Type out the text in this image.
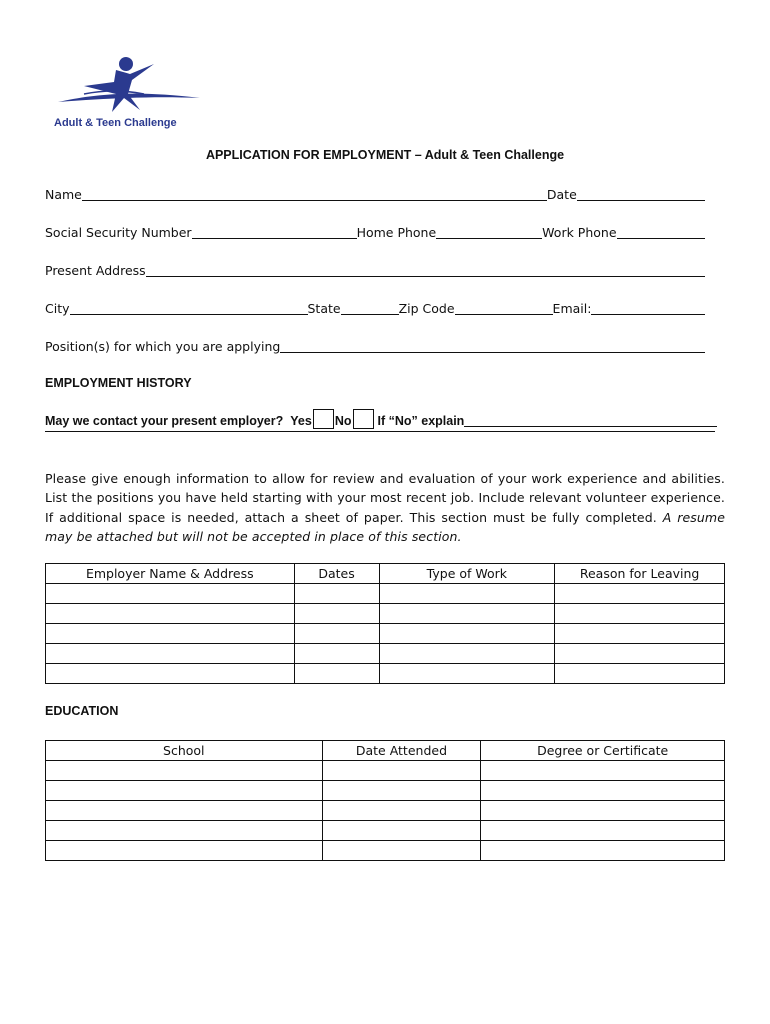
Adult & Teen Challenge
APPLICATION FOR EMPLOYMENT – Adult & Teen Challenge
Name	Date
Social Security Number	Home Phone	Work Phone
Present Address
City	State	Zip Code	Email:
Position(s) for which you are applying
EMPLOYMENT HISTORY
May we contact your present employer? Yes No If “No” explain
Please give enough information to allow for review and evaluation of your work experience and abilities. List the positions you have held starting with your most recent job. Include relevant volunteer experience. If additional space is needed, attach a sheet of paper. This section must be fully completed. A resume may be attached but will not be accepted in place of this section.
Employer Name & Address	Dates	Type of Work	Reason for Leaving

EDUCATION
School	Date Attended	Degree or Certificate
